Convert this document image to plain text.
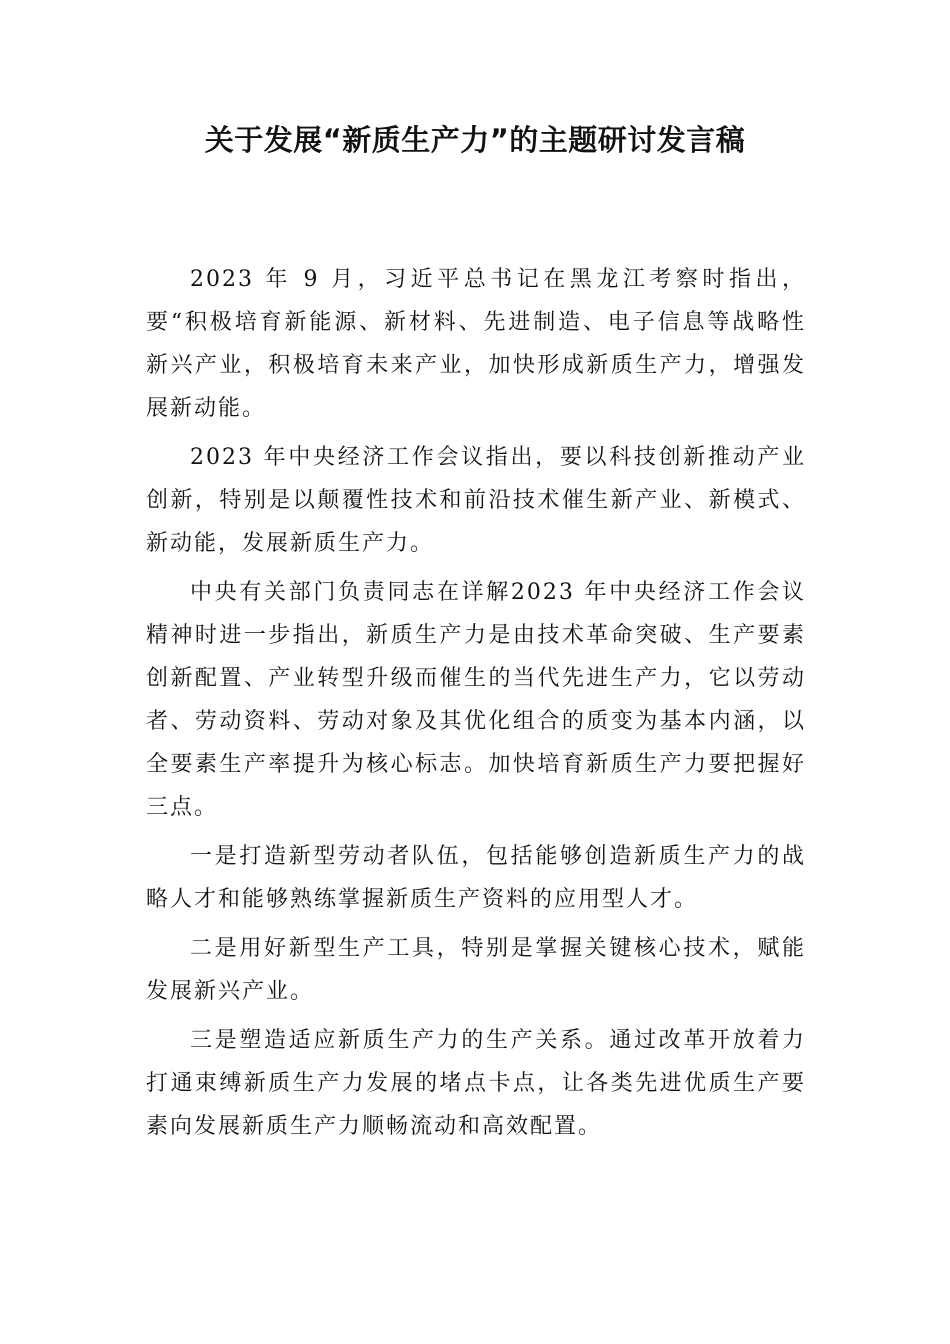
关于发展“新质生产力”的主题研讨发言稿

2023 年 9 月，习近平总书记在黑龙江考察时指出，要“积极培育新能源、新材料、先进制造、电子信息等战略性新兴产业，积极培育未来产业，加快形成新质生产力，增强发展新动能。

2023 年中央经济工作会议指出，要以科技创新推动产业创新，特别是以颠覆性技术和前沿技术催生新产业、新模式、新动能，发展新质生产力。

中央有关部门负责同志在详解2023 年中央经济工作会议精神时进一步指出，新质生产力是由技术革命突破、生产要素创新配置、产业转型升级而催生的当代先进生产力，它以劳动者、劳动资料、劳动对象及其优化组合的质变为基本内涵，以全要素生产率提升为核心标志。加快培育新质生产力要把握好三点。

一是打造新型劳动者队伍，包括能够创造新质生产力的战略人才和能够熟练掌握新质生产资料的应用型人才。

二是用好新型生产工具，特别是掌握关键核心技术，赋能发展新兴产业。

三是塑造适应新质生产力的生产关系。通过改革开放着力打通束缚新质生产力发展的堵点卡点，让各类先进优质生产要素向发展新质生产力顺畅流动和高效配置。
